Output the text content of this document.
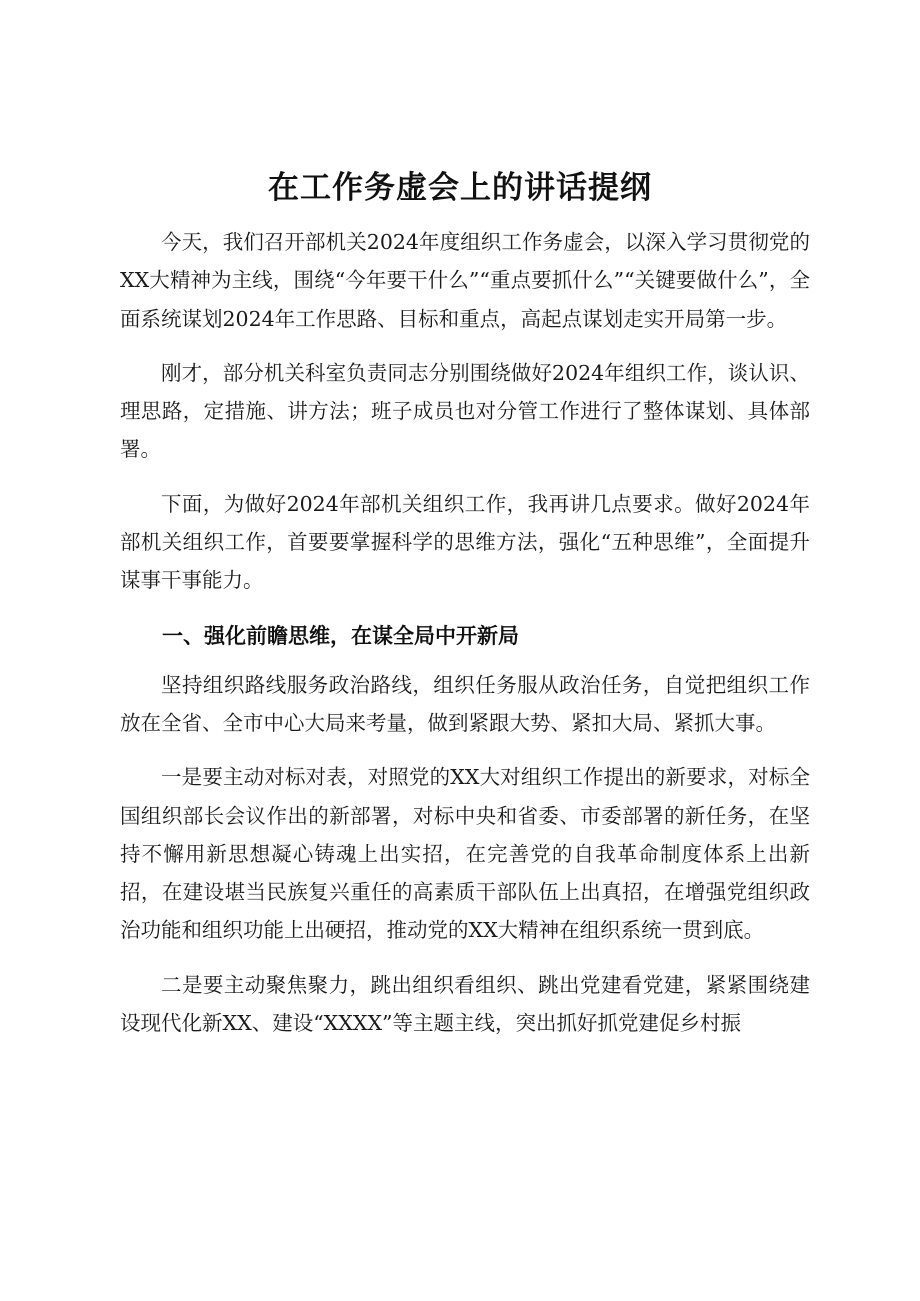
在工作务虚会上的讲话提纲

今天，我们召开部机关2024年度组织工作务虚会，以深入学习贯彻党的XX大精神为主线，围绕“今年要干什么”“重点要抓什么”“关键要做什么”，全面系统谋划2024年工作思路、目标和重点，高起点谋划走实开局第一步。

刚才，部分机关科室负责同志分别围绕做好2024年组织工作，谈认识、理思路，定措施、讲方法；班子成员也对分管工作进行了整体谋划、具体部署。

下面，为做好2024年部机关组织工作，我再讲几点要求。做好2024年部机关组织工作，首要要掌握科学的思维方法，强化“五种思维”，全面提升谋事干事能力。

一、强化前瞻思维，在谋全局中开新局

坚持组织路线服务政治路线，组织任务服从政治任务，自觉把组织工作放在全省、全市中心大局来考量，做到紧跟大势、紧扣大局、紧抓大事。

一是要主动对标对表，对照党的XX大对组织工作提出的新要求，对标全国组织部长会议作出的新部署，对标中央和省委、市委部署的新任务，在坚持不懈用新思想凝心铸魂上出实招，在完善党的自我革命制度体系上出新招，在建设堪当民族复兴重任的高素质干部队伍上出真招，在增强党组织政治功能和组织功能上出硬招，推动党的XX大精神在组织系统一贯到底。

二是要主动聚焦聚力，跳出组织看组织、跳出党建看党建，紧紧围绕建设现代化新XX、建设“XXXX”等主题主线，突出抓好抓党建促乡村振
